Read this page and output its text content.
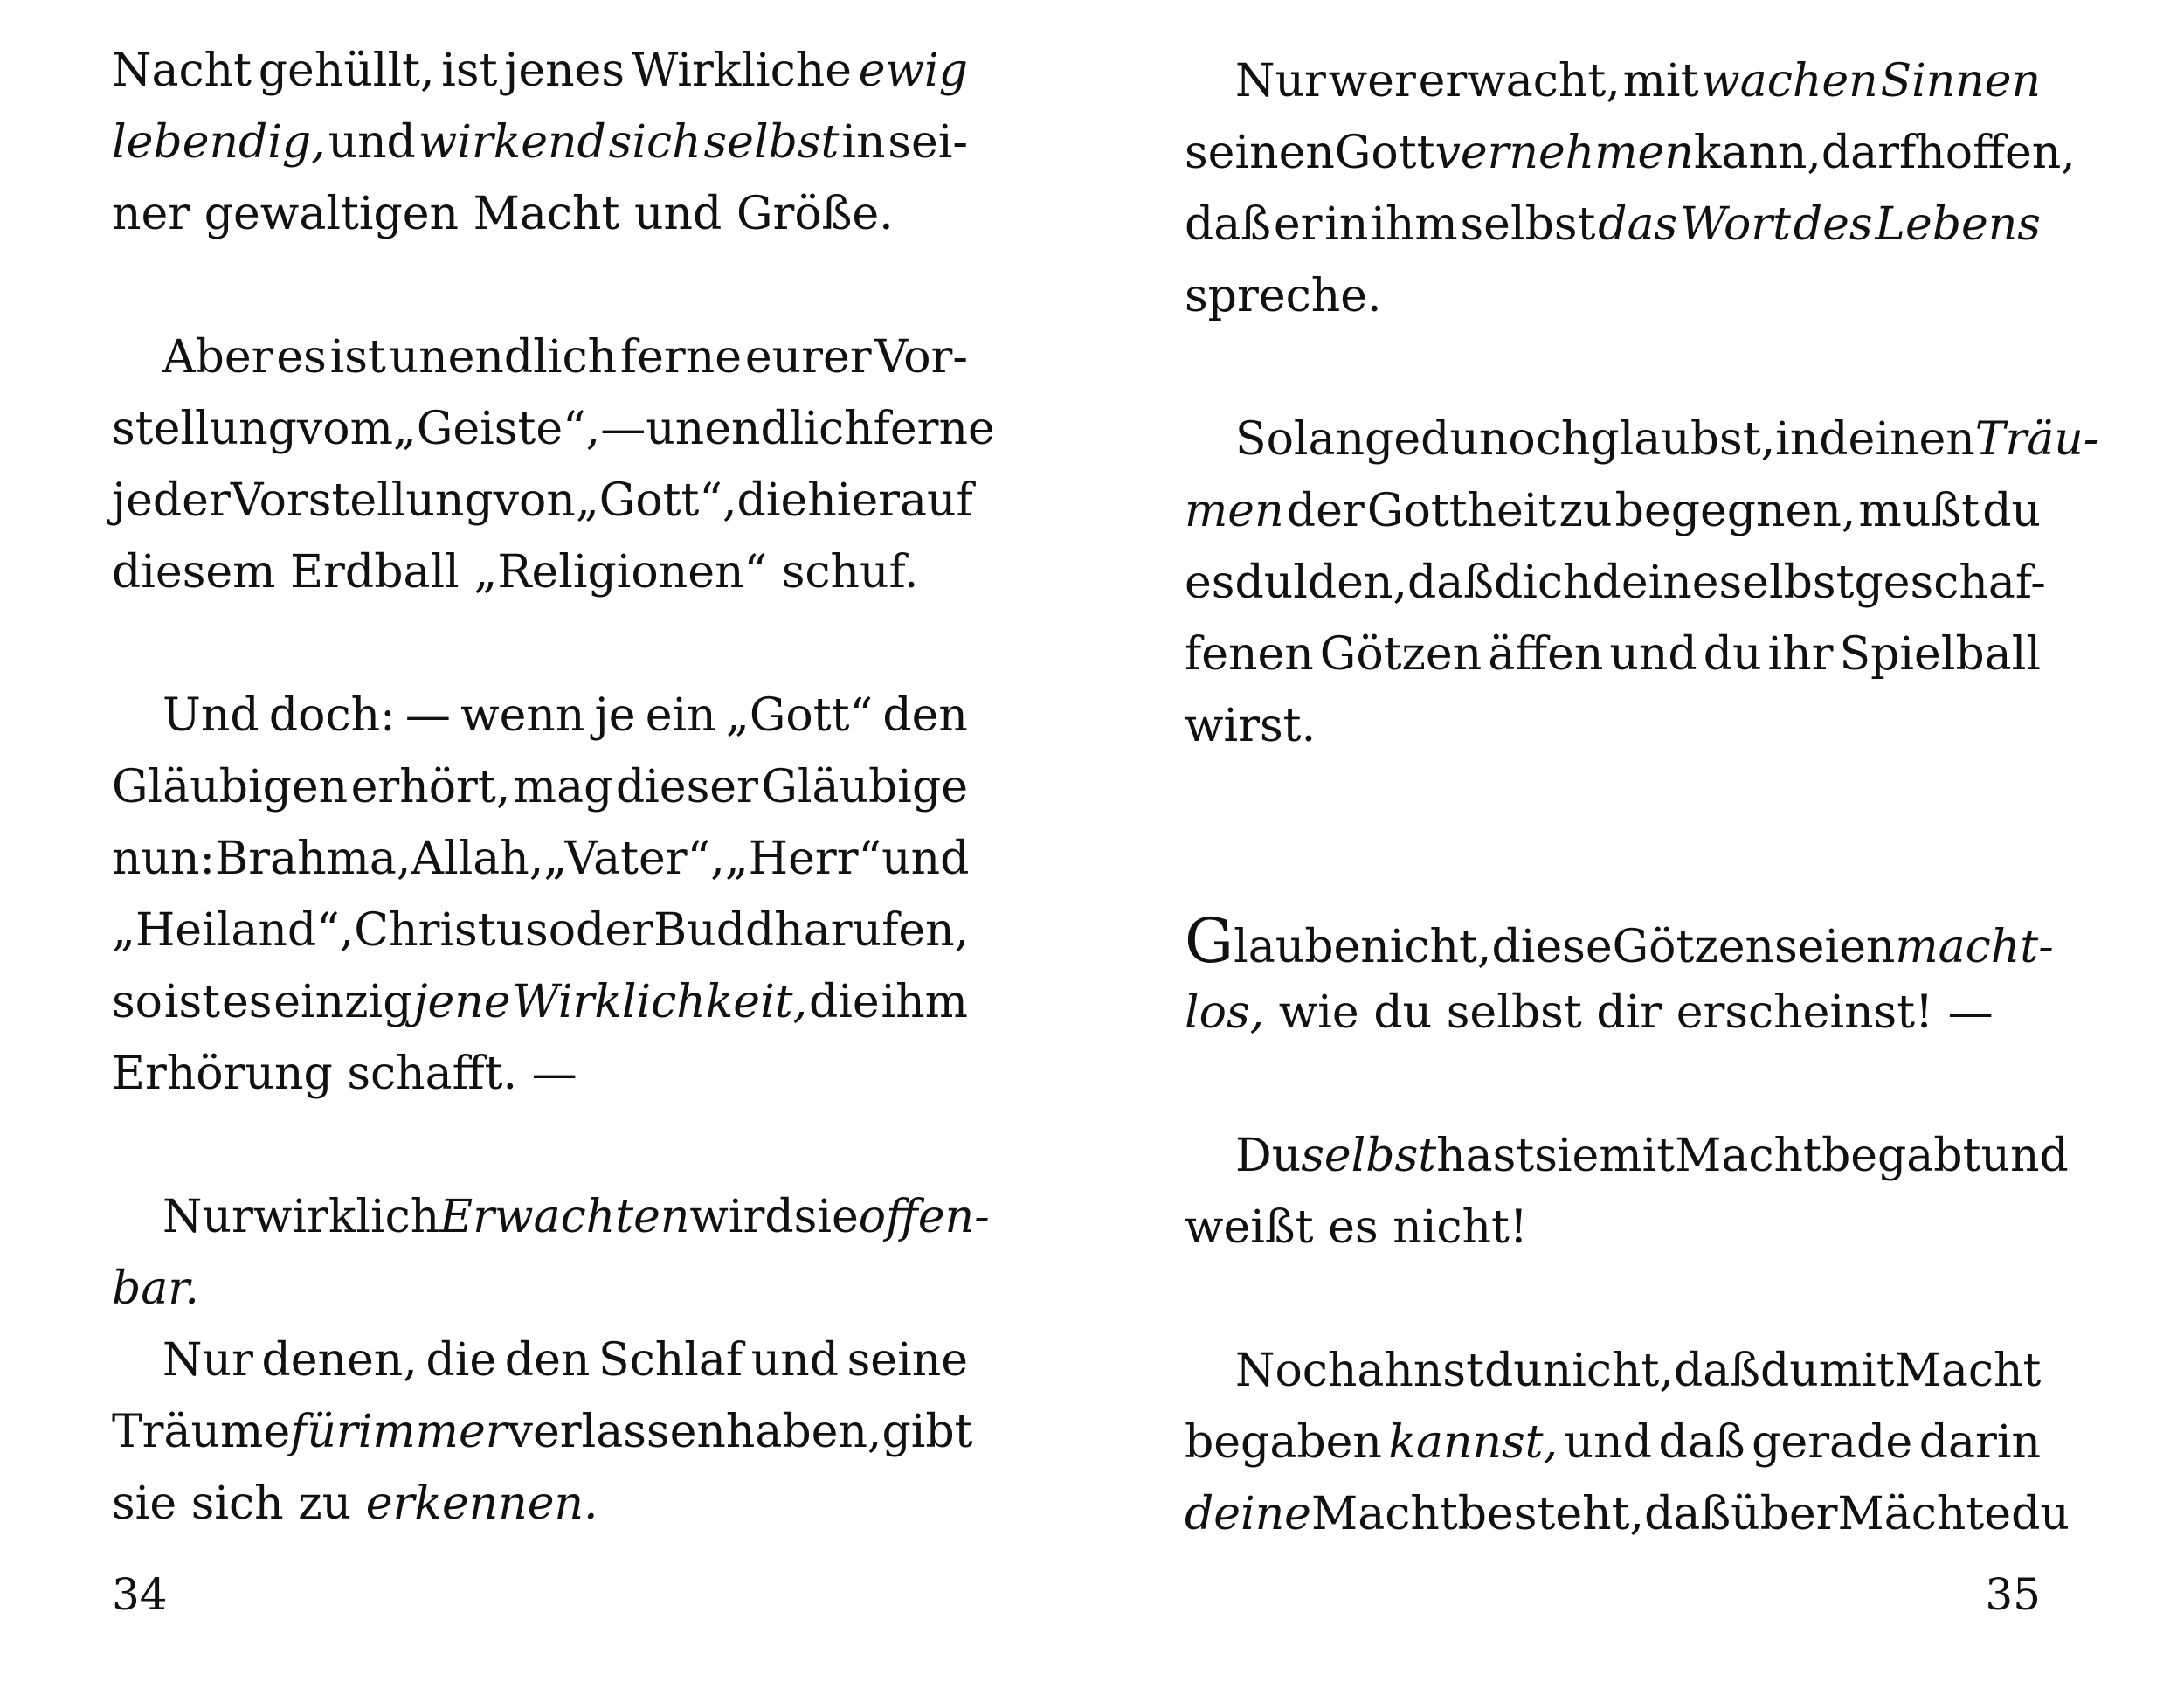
Nacht gehüllt, ist jenes Wirkliche ewig
lebendig, und wirkend sich selbst in sei-
ner gewaltigen Macht und Größe.
Aber es ist unendlich ferne eurer Vor-
stellung vom „Geiste“, — unendlich ferne
jeder Vorstellung von „Gott“, die hier auf
diesem Erdball „Religionen“ schuf.
Und doch: — wenn je ein „Gott“ den
Gläubigen erhört, mag dieser Gläubige
nun: Brahma, Allah, „Vater“, „Herr“ und
„Heiland“, Christus oder Buddha rufen,
so ist es einzig jene Wirklichkeit, die ihm
Erhörung schafft. —
Nur wirklich Erwachten wird sie offen-
bar.
Nur denen, die den Schlaf und seine
Träume für immer verlassen haben, gibt
sie sich zu erkennen.
34
Nur wer erwacht, mit wachen Sinnen
seinen Gott vernehmen kann, darf hoffen,
daß er in ihm selbst das Wort des Lebens
spreche.
Solange du noch glaubst, in deinen Träu-
men der Gottheit zu begegnen, mußt du
es dulden, daß dich deine selbstgeschaf-
fenen Götzen äffen und du ihr Spielball
wirst.
Glaube nicht, diese Götzen seien macht-
los, wie du selbst dir erscheinst! —
Du selbst hast sie mit Macht begabt und
weißt es nicht!
Noch ahnst du nicht, daß du mit Macht
begaben kannst, und daß gerade darin
deine Macht besteht, daß über Mächte du
35
